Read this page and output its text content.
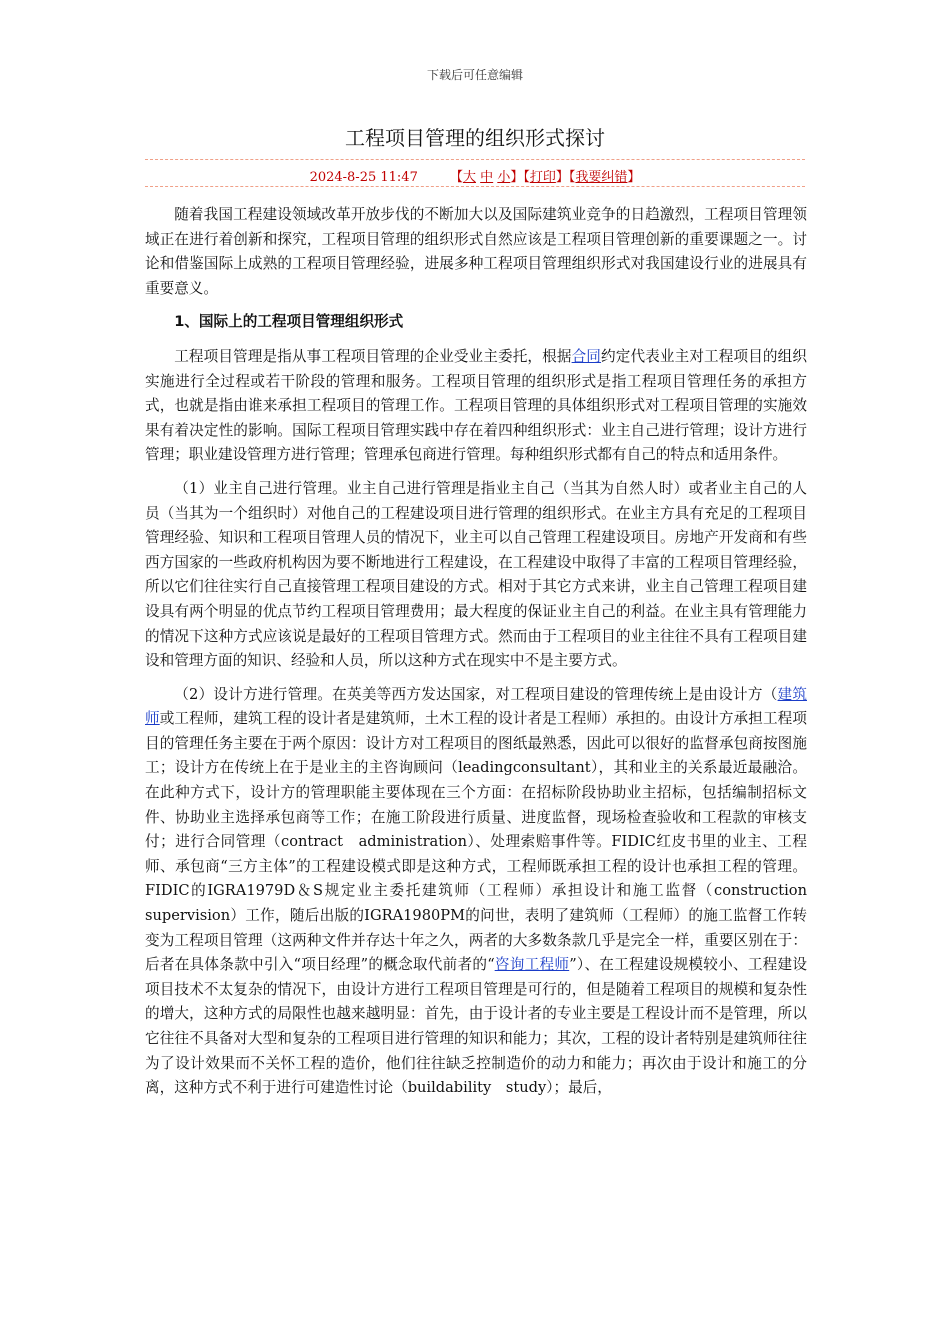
下载后可任意编辑
工程项目管理的组织形式探讨
2024-8-25 11:47 【大 中 小】【打印】【我要纠错】

随着我国工程建设领域改革开放步伐的不断加大以及国际建筑业竞争的日趋激烈，工程项目管理领域正在进行着创新和探究，工程项目管理的组织形式自然应该是工程项目管理创新的重要课题之一。讨论和借鉴国际上成熟的工程项目管理经验，进展多种工程项目管理组织形式对我国建设行业的进展具有重要意义。

1、国际上的工程项目管理组织形式

工程项目管理是指从事工程项目管理的企业受业主委托，根据合同约定代表业主对工程项目的组织实施进行全过程或若干阶段的管理和服务。工程项目管理的组织形式是指工程项目管理任务的承担方式，也就是指由谁来承担工程项目的管理工作。工程项目管理的具体组织形式对工程项目管理的实施效果有着决定性的影响。国际工程项目管理实践中存在着四种组织形式：业主自己进行管理；设计方进行管理；职业建设管理方进行管理；管理承包商进行管理。每种组织形式都有自己的特点和适用条件。

（1）业主自己进行管理。业主自己进行管理是指业主自己（当其为自然人时）或者业主自己的人员（当其为一个组织时）对他自己的工程建设项目进行管理的组织形式。在业主方具有充足的工程项目管理经验、知识和工程项目管理人员的情况下，业主可以自己管理工程建设项目。房地产开发商和有些西方国家的一些政府机构因为要不断地进行工程建设，在工程建设中取得了丰富的工程项目管理经验，所以它们往往实行自己直接管理工程项目建设的方式。相对于其它方式来讲，业主自己管理工程项目建设具有两个明显的优点节约工程项目管理费用；最大程度的保证业主自己的利益。在业主具有管理能力的情况下这种方式应该说是最好的工程项目管理方式。然而由于工程项目的业主往往不具有工程项目建设和管理方面的知识、经验和人员，所以这种方式在现实中不是主要方式。

（2）设计方进行管理。在英美等西方发达国家，对工程项目建设的管理传统上是由设计方（建筑师或工程师，建筑工程的设计者是建筑师，土木工程的设计者是工程师）承担的。由设计方承担工程项目的管理任务主要在于两个原因：设计方对工程项目的图纸最熟悉，因此可以很好的监督承包商按图施工；设计方在传统上在于是业主的主咨询顾问（leadingconsultant），其和业主的关系最近最融洽。在此种方式下，设计方的管理职能主要体现在三个方面：在招标阶段协助业主招标，包括编制招标文件、协助业主选择承包商等工作；在施工阶段进行质量、进度监督，现场检查验收和工程款的审核支付；进行合同管理（contract　administration）、处理索赔事件等。FIDIC红皮书里的业主、工程师、承包商“三方主体”的工程建设模式即是这种方式，工程师既承担工程的设计也承担工程的管理。FIDIC的IGRA1979D＆S规定业主委托建筑师（工程师）承担设计和施工监督（construction　supervision）工作，随后出版的IGRA1980PM的问世，表明了建筑师（工程师）的施工监督工作转变为工程项目管理（这两种文件并存达十年之久，两者的大多数条款几乎是完全一样，重要区别在于：后者在具体条款中引入“项目经理”的概念取代前者的“咨询工程师”）、在工程建设规模较小、工程建设项目技术不太复杂的情况下，由设计方进行工程项目管理是可行的，但是随着工程项目的规模和复杂性的增大，这种方式的局限性也越来越明显：首先，由于设计者的专业主要是工程设计而不是管理，所以它往往不具备对大型和复杂的工程项目进行管理的知识和能力；其次，工程的设计者特别是建筑师往往为了设计效果而不关怀工程的造价，他们往往缺乏控制造价的动力和能力；再次由于设计和施工的分离，这种方式不利于进行可建造性讨论（buildability　study）；最后，
